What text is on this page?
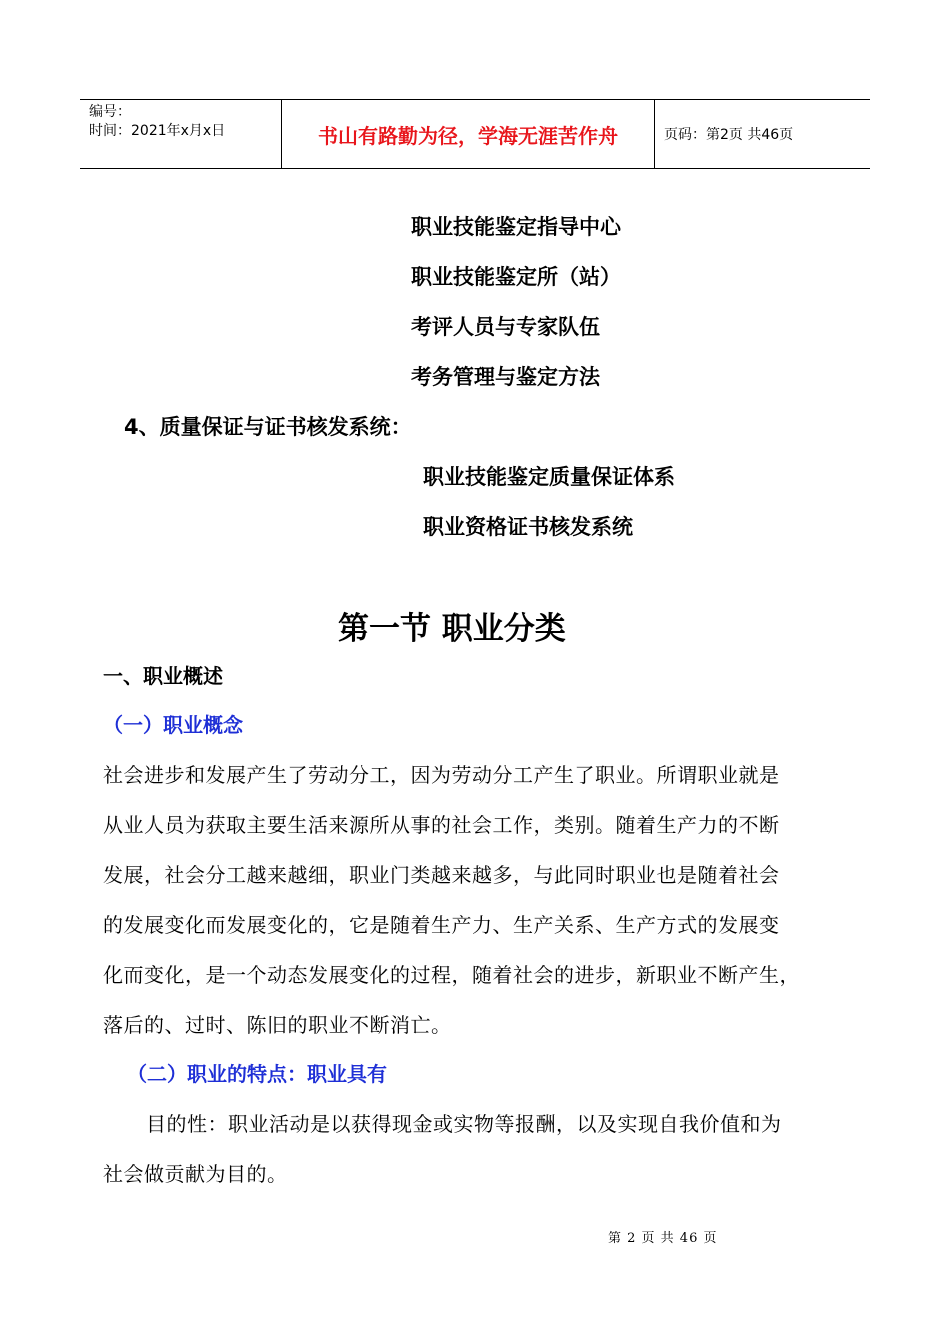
编号：
时间：2021年x月x日	书山有路勤为径，学海无涯苦作舟	页码：第2页 共46页
职业技能鉴定指导中心
职业技能鉴定所（站）
考评人员与专家队伍
考务管理与鉴定方法
4、质量保证与证书核发系统：
职业技能鉴定质量保证体系
职业资格证书核发系统
第一节 职业分类
一、职业概述
（一）职业概念
社会进步和发展产生了劳动分工，因为劳动分工产生了职业。所谓职业就是
从业人员为获取主要生活来源所从事的社会工作，类别。随着生产力的不断
发展，社会分工越来越细，职业门类越来越多，与此同时职业也是随着社会
的发展变化而发展变化的，它是随着生产力、生产关系、生产方式的发展变
化而变化，是一个动态发展变化的过程，随着社会的进步，新职业不断产生，
落后的、过时、陈旧的职业不断消亡。
（二）职业的特点：职业具有
目的性：职业活动是以获得现金或实物等报酬，以及实现自我价值和为
社会做贡献为目的。
第 2 页 共 46 页
